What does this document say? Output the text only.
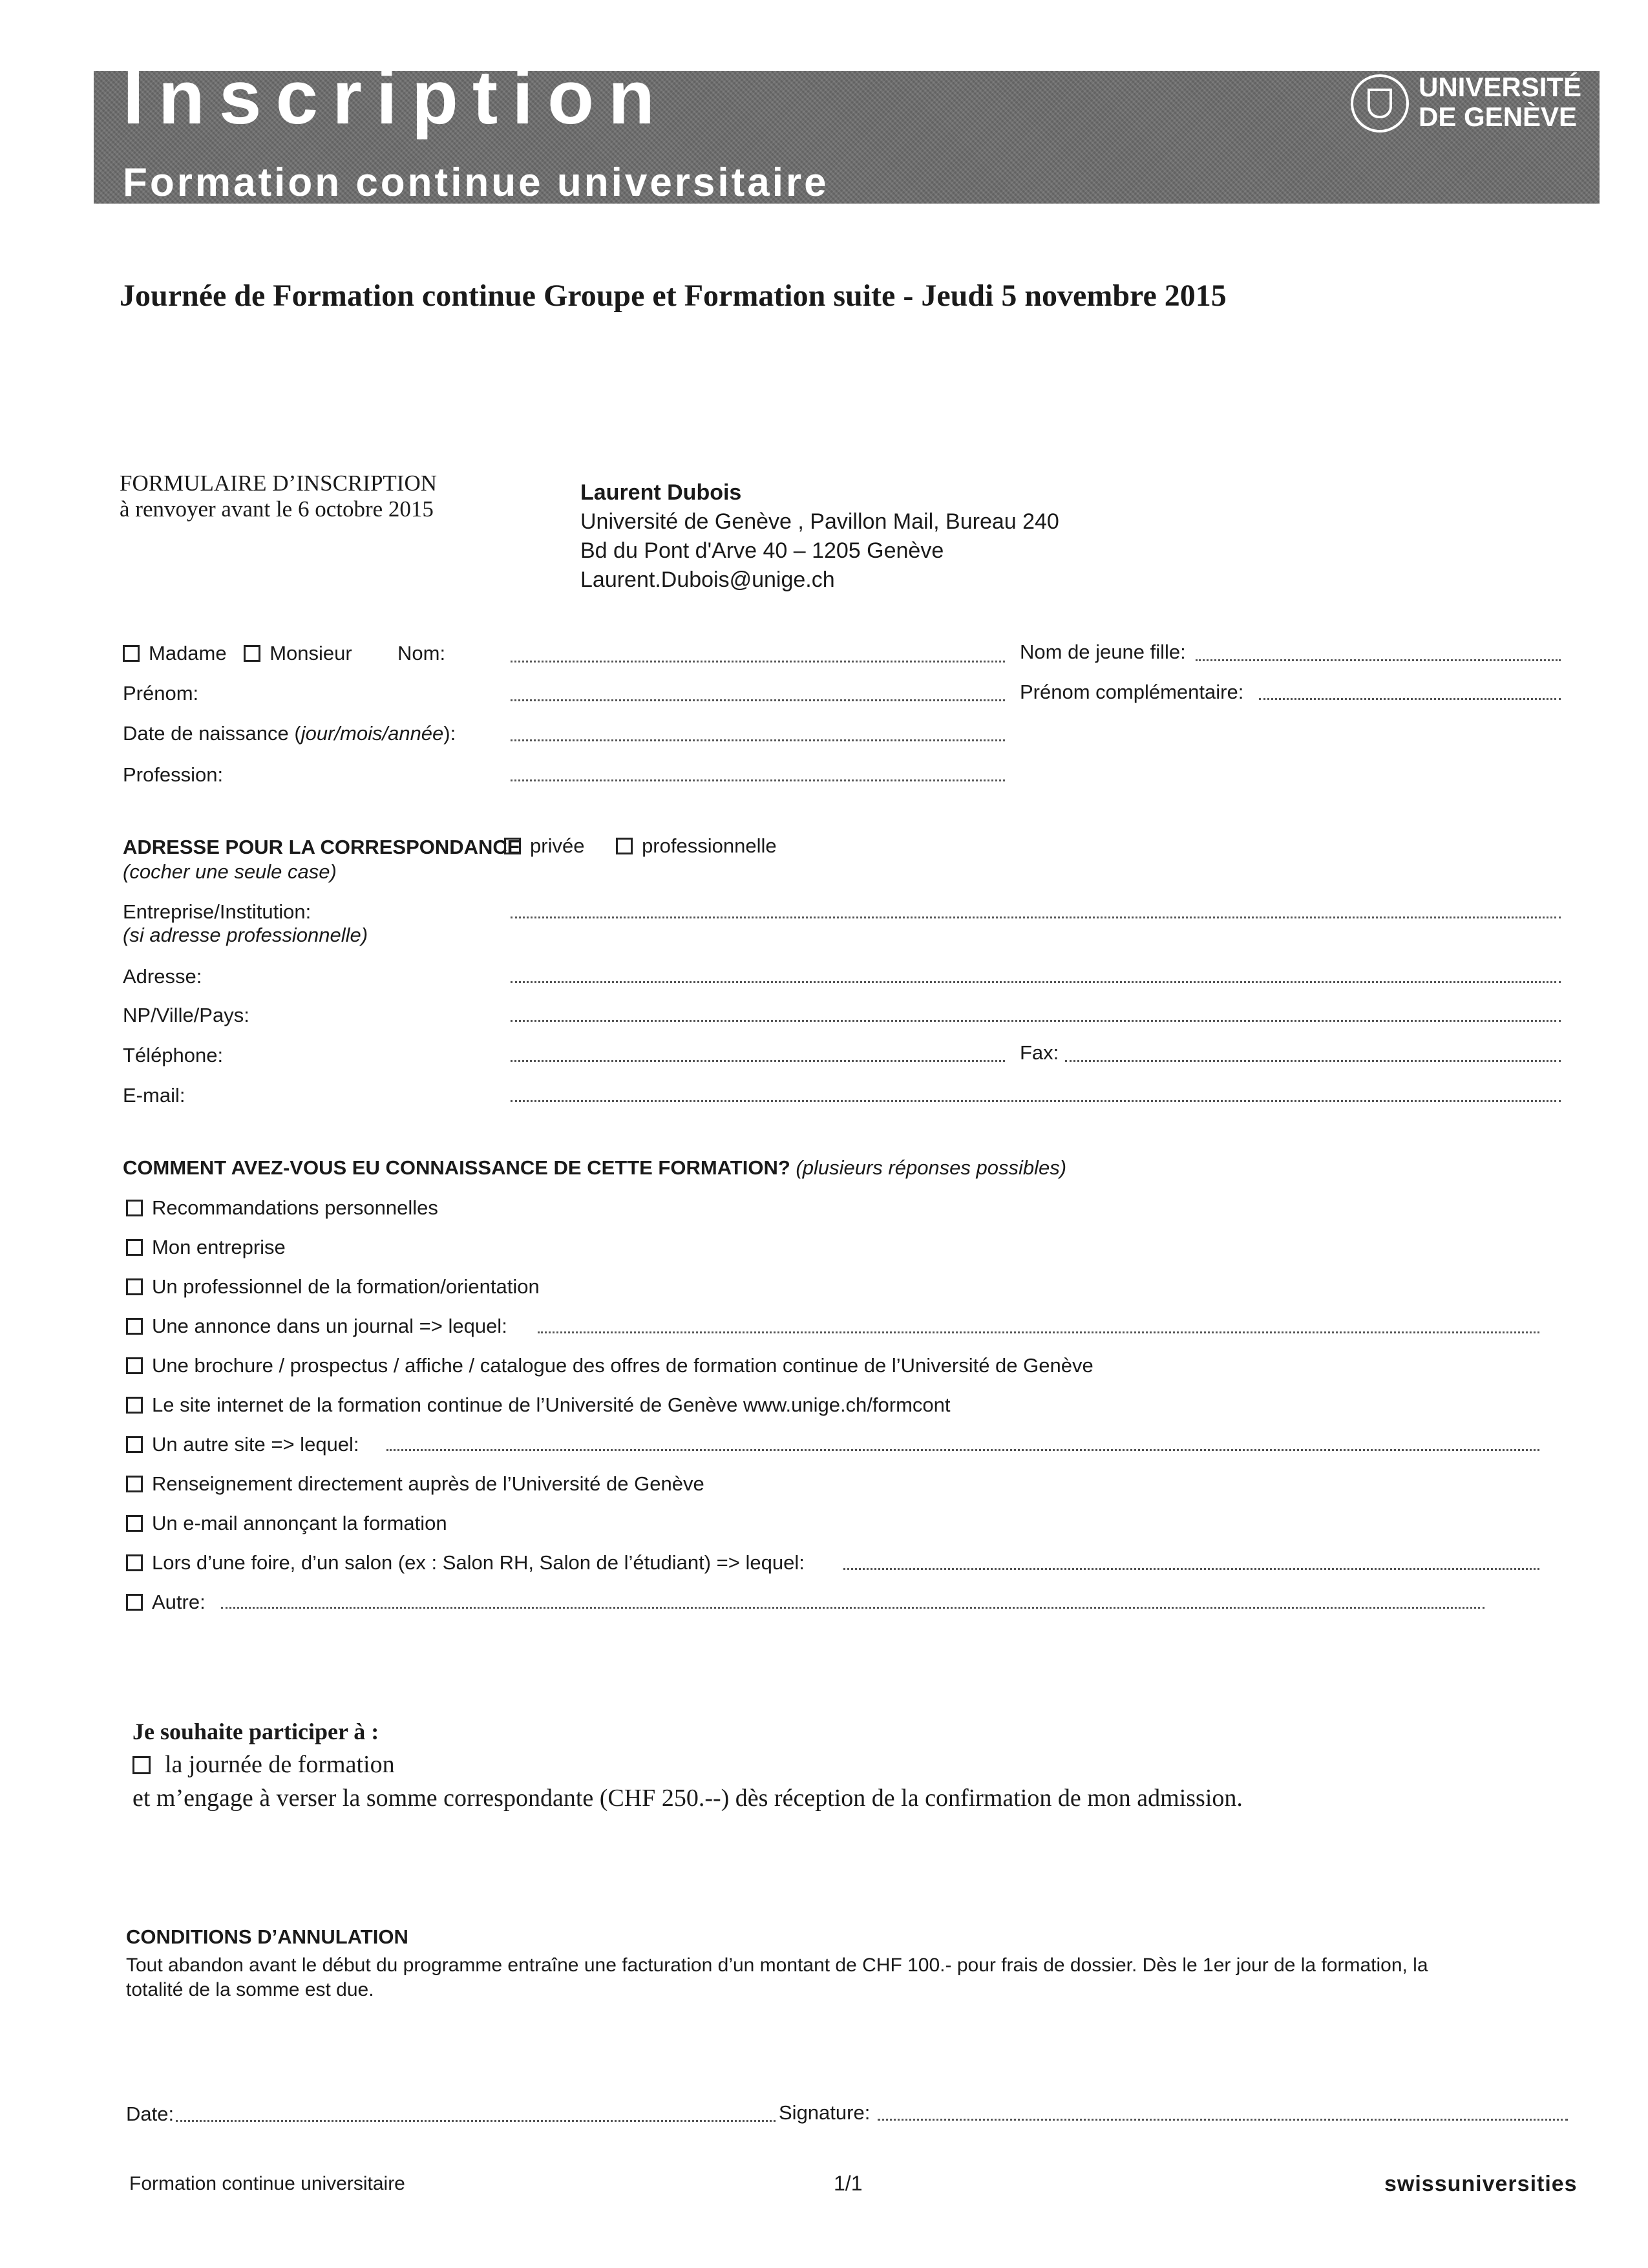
Inscription
Formation continue universitaire
UNIVERSITÉ
DE GENÈVE
Journée de Formation continue Groupe et Formation suite - Jeudi 5 novembre 2015
FORMULAIRE D’INSCRIPTION
à renvoyer avant le 6 octobre 2015
Laurent Dubois
Université de Genève , Pavillon Mail, Bureau 240
Bd du Pont d'Arve 40 – 1205 Genève
Laurent.Dubois@unige.ch
Madame Monsieur Nom:	Nom de jeune fille:
Prénom:	Prénom complémentaire:
Date de naissance (jour/mois/année):
Profession:
ADRESSE POUR LA CORRESPONDANCE
(cocher une seule case)
privée	professionnelle
Entreprise/Institution:
(si adresse professionnelle)
Adresse:
NP/Ville/Pays:
Téléphone:	Fax:
E-mail:
COMMENT AVEZ-VOUS EU CONNAISSANCE DE CETTE FORMATION? (plusieurs réponses possibles)
Recommandations personnelles
Mon entreprise
Un professionnel de la formation/orientation
Une annonce dans un journal => lequel:
Une brochure / prospectus / affiche / catalogue des offres de formation continue de l’Université de Genève
Le site internet de la formation continue de l’Université de Genève www.unige.ch/formcont
Un autre site => lequel:
Renseignement directement auprès de l’Université de Genève
Un e-mail annonçant la formation
Lors d’une foire, d’un salon (ex : Salon RH, Salon de l’étudiant) => lequel:
Autre:
Je souhaite participer à :
la journée de formation
et m’engage à verser la somme correspondante (CHF 250.--) dès réception de la confirmation de mon admission.
CONDITIONS D’ANNULATION
Tout abandon avant le début du programme entraîne une facturation d’un montant de CHF 100.- pour frais de dossier. Dès le 1er jour de la formation, la
totalité de la somme est due.
Date:	Signature:
Formation continue universitaire	1/1	swissuniversities
